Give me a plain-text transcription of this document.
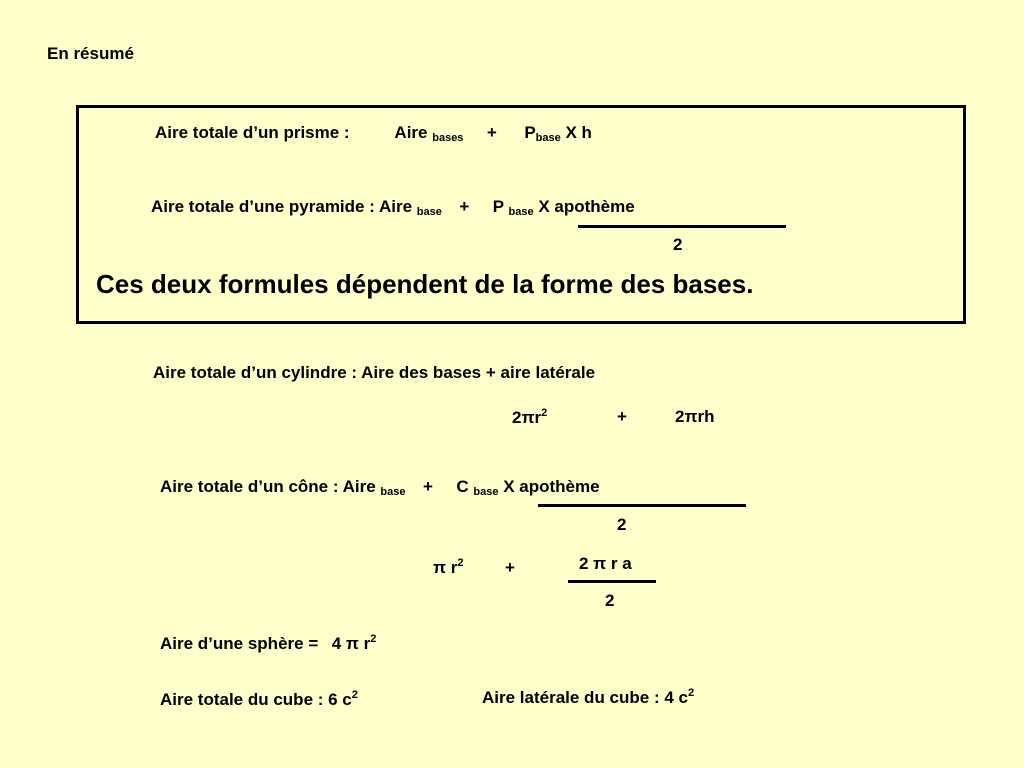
En résumé
Aire totale d’un prisme :	Aire $_{bases} + P_{base}$ X h
Aire totale d’une pyramide : Aire $_{base}$ + P $_{base}$ X apothème
2
Ces deux formules dépendent de la forme des bases.
Aire totale d’un cylindre : Aire des bases + aire latérale
$2\pi r^2$	+	2πrh
Aire totale d’un cône : Aire $_{base}$ + C $_{base}$ X apothème
2
π $r^2$ +	2 π r a
2
Aire d’une sphère = 4 π $r^2$
Aire totale du cube : 6 $c^2$	Aire latérale du cube : 4 $c^2$
